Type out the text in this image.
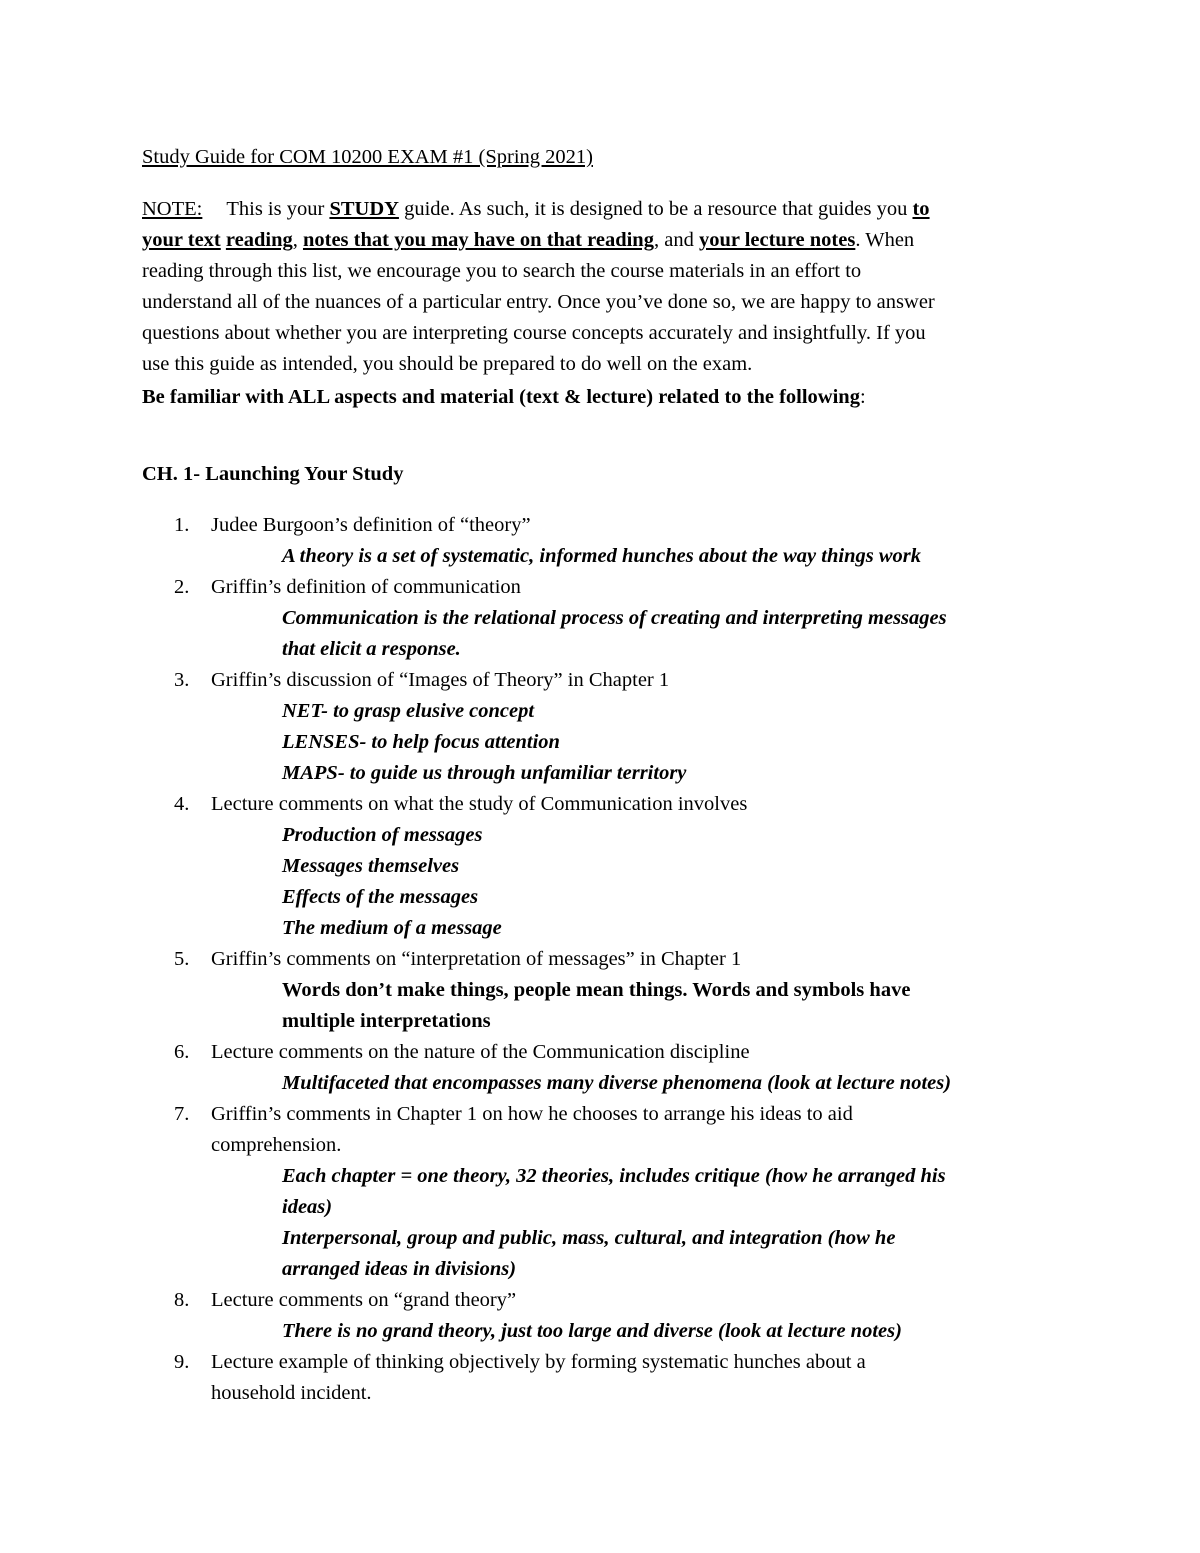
Study Guide for COM 10200 EXAM #1 (Spring 2021)
NOTE: This is your STUDY guide. As such, it is designed to be a resource that guides you to
your text reading, notes that you may have on that reading, and your lecture notes. When
reading through this list, we encourage you to search the course materials in an effort to
understand all of the nuances of a particular entry. Once you’ve done so, we are happy to answer
questions about whether you are interpreting course concepts accurately and insightfully. If you
use this guide as intended, you should be prepared to do well on the exam.
Be familiar with ALL aspects and material (text & lecture) related to the following:
CH. 1- Launching Your Study
1. Judee Burgoon’s definition of “theory”
A theory is a set of systematic, informed hunches about the way things work
2. Griffin’s definition of communication
Communication is the relational process of creating and interpreting messages
that elicit a response.
3. Griffin’s discussion of “Images of Theory” in Chapter 1
NET- to grasp elusive concept
LENSES- to help focus attention
MAPS- to guide us through unfamiliar territory
4. Lecture comments on what the study of Communication involves
Production of messages
Messages themselves
Effects of the messages
The medium of a message
5. Griffin’s comments on “interpretation of messages” in Chapter 1
Words don’t make things, people mean things. Words and symbols have
multiple interpretations
6. Lecture comments on the nature of the Communication discipline
Multifaceted that encompasses many diverse phenomena (look at lecture notes)
7. Griffin’s comments in Chapter 1 on how he chooses to arrange his ideas to aid
comprehension.
Each chapter = one theory, 32 theories, includes critique (how he arranged his
ideas)
Interpersonal, group and public, mass, cultural, and integration (how he
arranged ideas in divisions)
8. Lecture comments on “grand theory”
There is no grand theory, just too large and diverse (look at lecture notes)
9. Lecture example of thinking objectively by forming systematic hunches about a
household incident.
